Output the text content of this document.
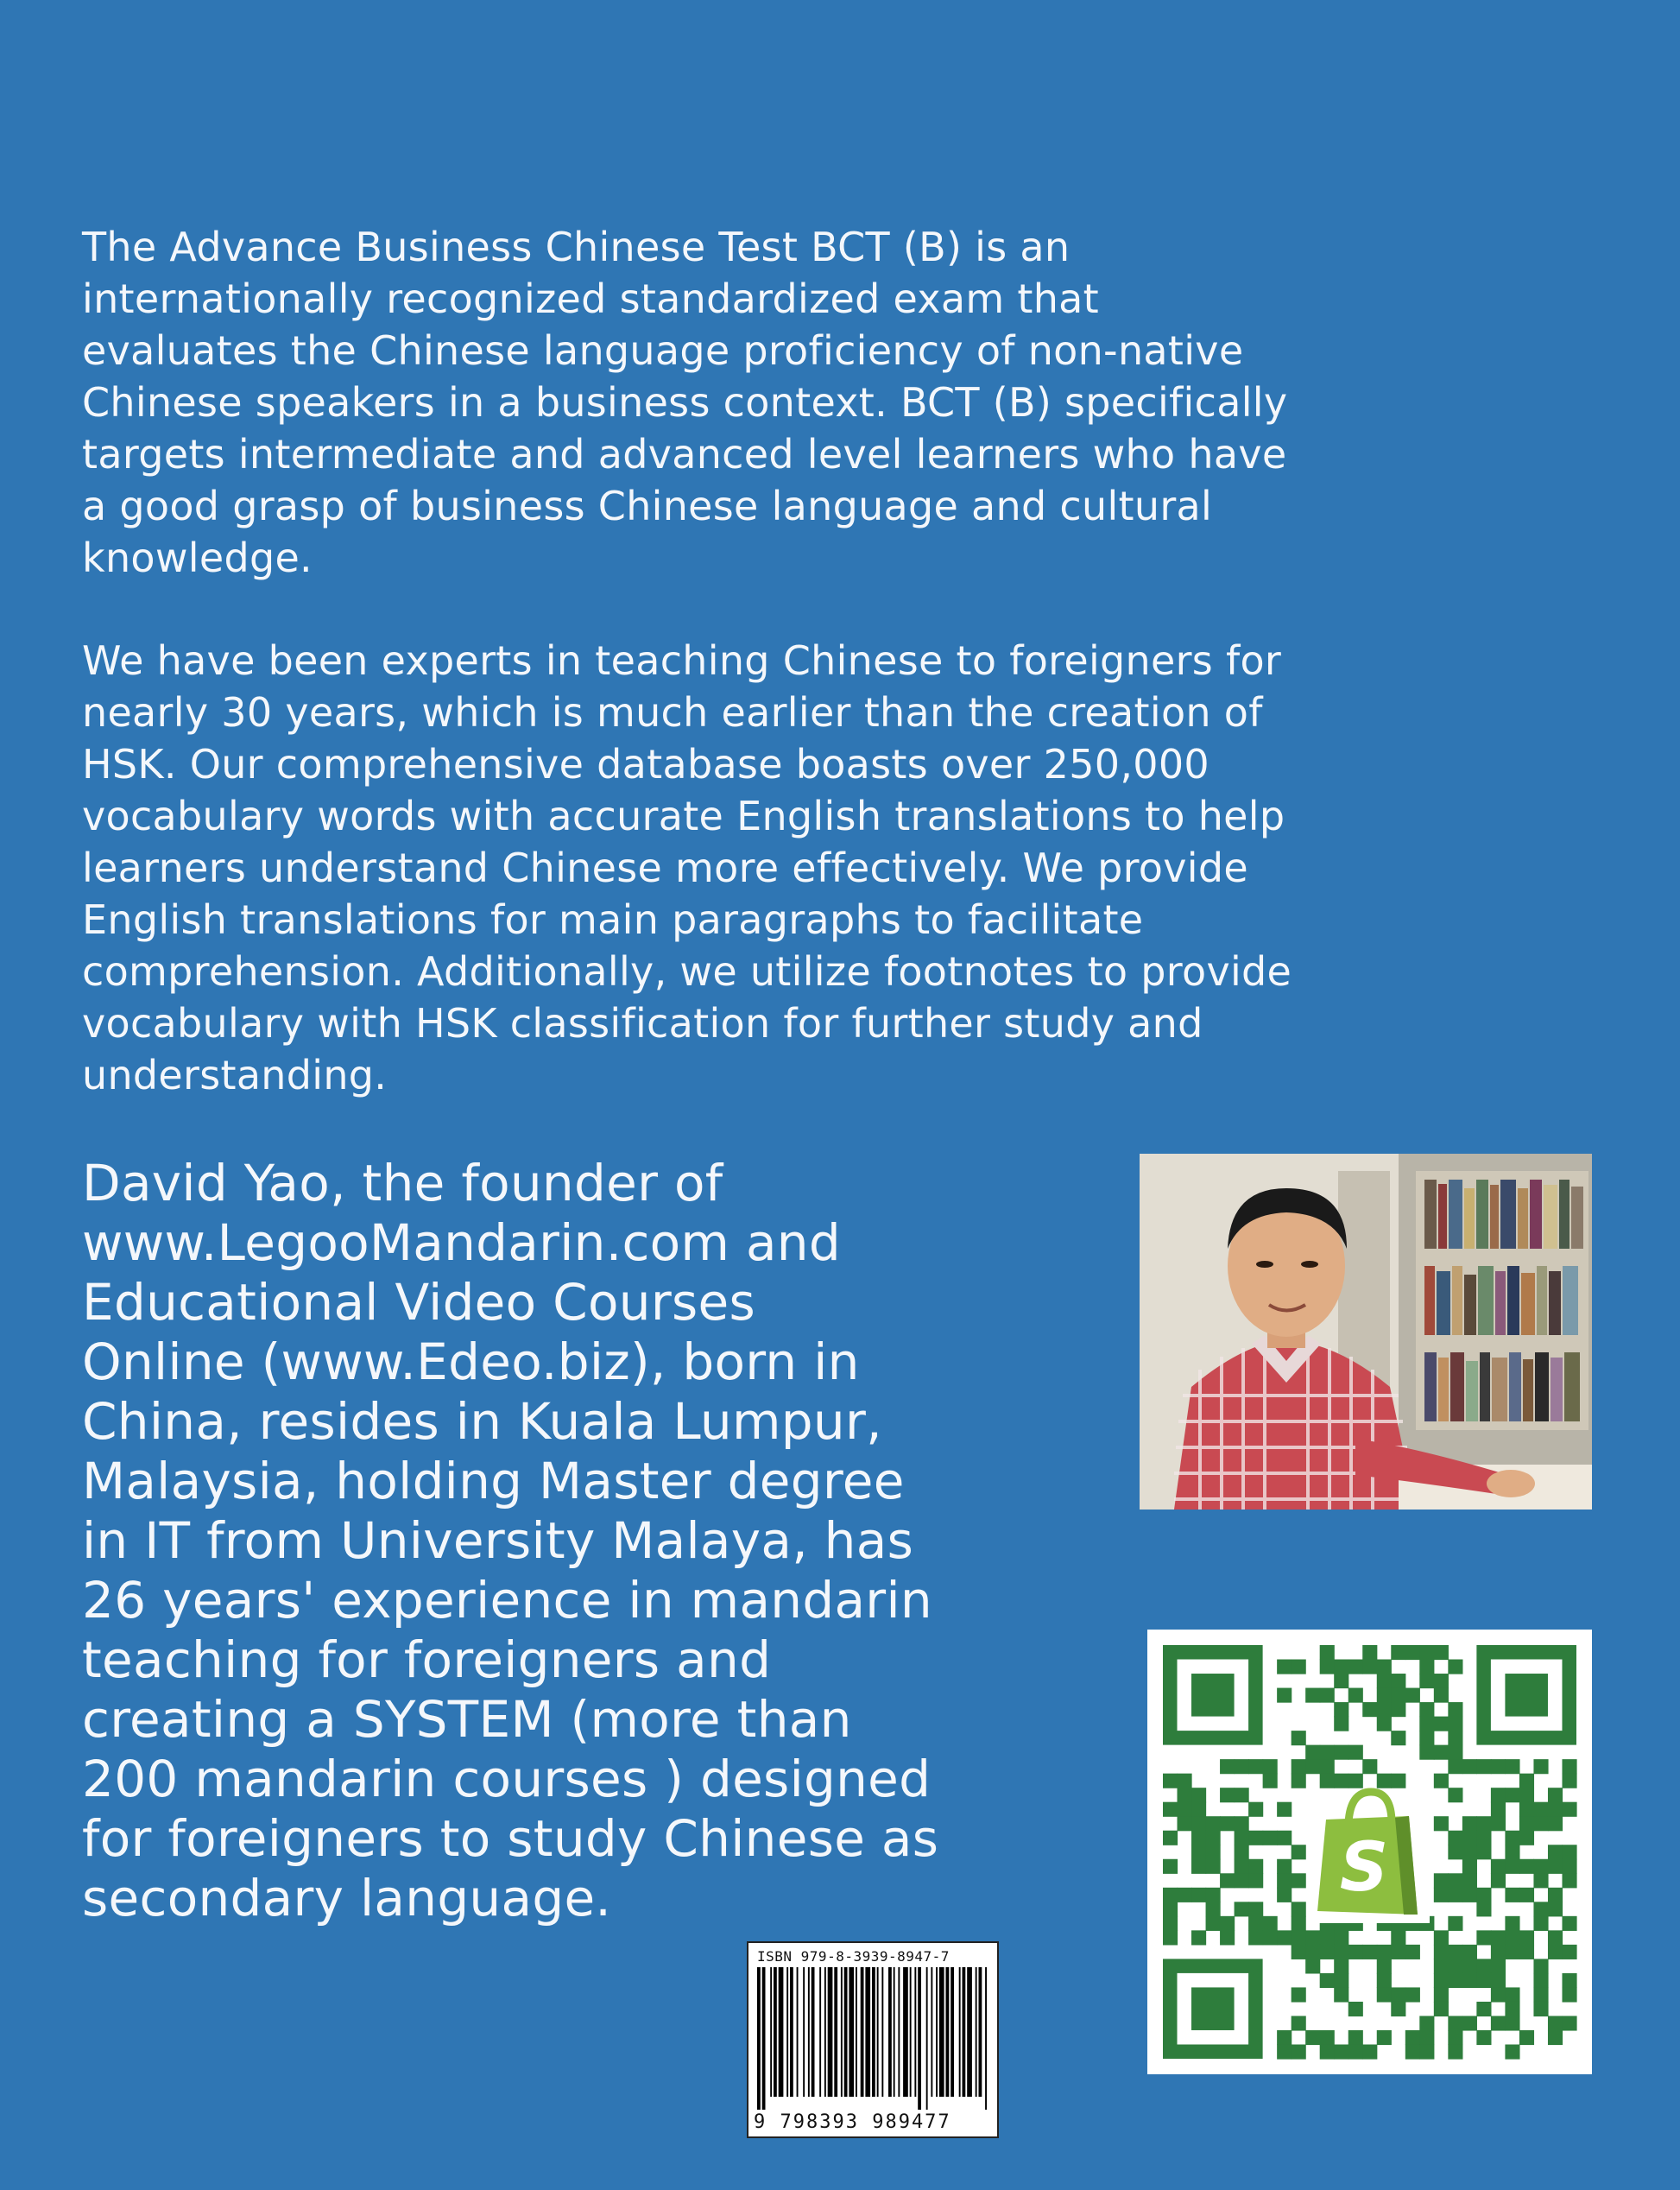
The Advance Business Chinese Test BCT (B) is an
internationally recognized standardized exam that
evaluates the Chinese language proficiency of non-native
Chinese speakers in a business context. BCT (B) specifically
targets intermediate and advanced level learners who have
a good grasp of business Chinese language and cultural
knowledge.
We have been experts in teaching Chinese to foreigners for
nearly 30 years, which is much earlier than the creation of
HSK. Our comprehensive database boasts over 250,000
vocabulary words with accurate English translations to help
learners understand Chinese more effectively. We provide
English translations for main paragraphs to facilitate
comprehension. Additionally, we utilize footnotes to provide
vocabulary with HSK classification for further study and
understanding.
David Yao, the founder of
www.LegooMandarin.com and
Educational Video Courses
Online (www.Edeo.biz), born in
China, resides in Kuala Lumpur,
Malaysia, holding Master degree
in IT from University Malaya, has
26 years' experience in mandarin
teaching for foreigners and
creating a SYSTEM (more than
200 mandarin courses ) designed
for foreigners to study Chinese as
secondary language.	S
ISBN 979-8-3939-8947-7
9 798393 989477
